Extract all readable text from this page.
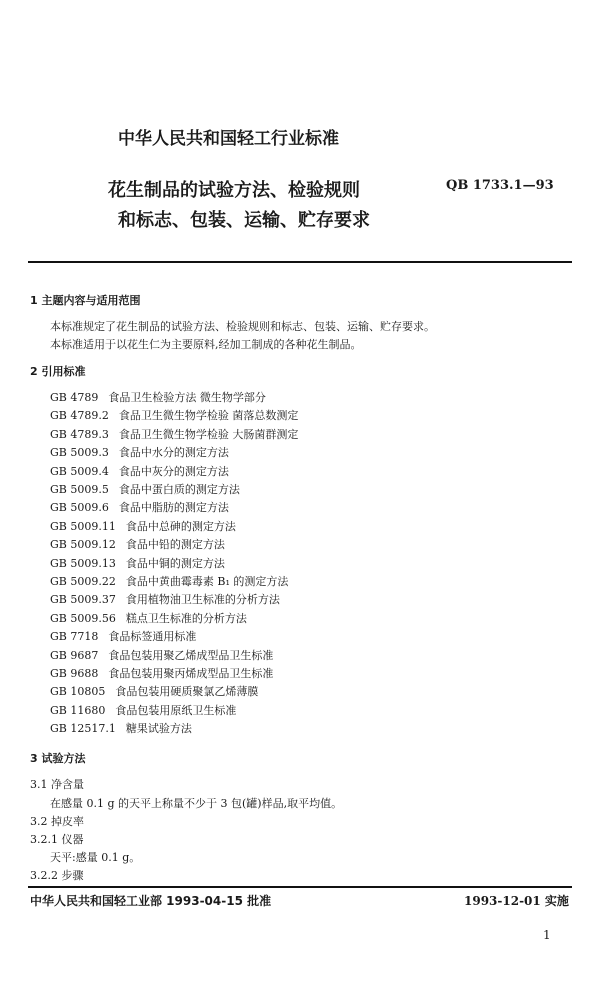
中华人民共和国轻工行业标准
花生制品的试验方法、检验规则
和标志、包装、运输、贮存要求
QB 1733.1—93
1 主题内容与适用范围
本标准规定了花生制品的试验方法、检验规则和标志、包装、运输、贮存要求。
本标准适用于以花生仁为主要原料,经加工制成的各种花生制品。
2 引用标准
GB 4789 食品卫生检验方法 微生物学部分
GB 4789.2 食品卫生微生物学检验 菌落总数测定
GB 4789.3 食品卫生微生物学检验 大肠菌群测定
GB 5009.3 食品中水分的测定方法
GB 5009.4 食品中灰分的测定方法
GB 5009.5 食品中蛋白质的测定方法
GB 5009.6 食品中脂肪的测定方法
GB 5009.11 食品中总砷的测定方法
GB 5009.12 食品中铅的测定方法
GB 5009.13 食品中铜的测定方法
GB 5009.22 食品中黄曲霉毒素 B₁ 的测定方法
GB 5009.37 食用植物油卫生标准的分析方法
GB 5009.56 糕点卫生标准的分析方法
GB 7718 食品标签通用标准
GB 9687 食品包装用聚乙烯成型品卫生标准
GB 9688 食品包装用聚丙烯成型品卫生标准
GB 10805 食品包装用硬质聚氯乙烯薄膜
GB 11680 食品包装用原纸卫生标准
GB 12517.1 糖果试验方法
3 试验方法
3.1 净含量
在感量 0.1 g 的天平上称量不少于 3 包(罐)样品,取平均值。
3.2 掉皮率
3.2.1 仪器
天平:感量 0.1 g。
3.2.2 步骤
中华人民共和国轻工业部 1993-04-15 批准	1993-12-01 实施
1
